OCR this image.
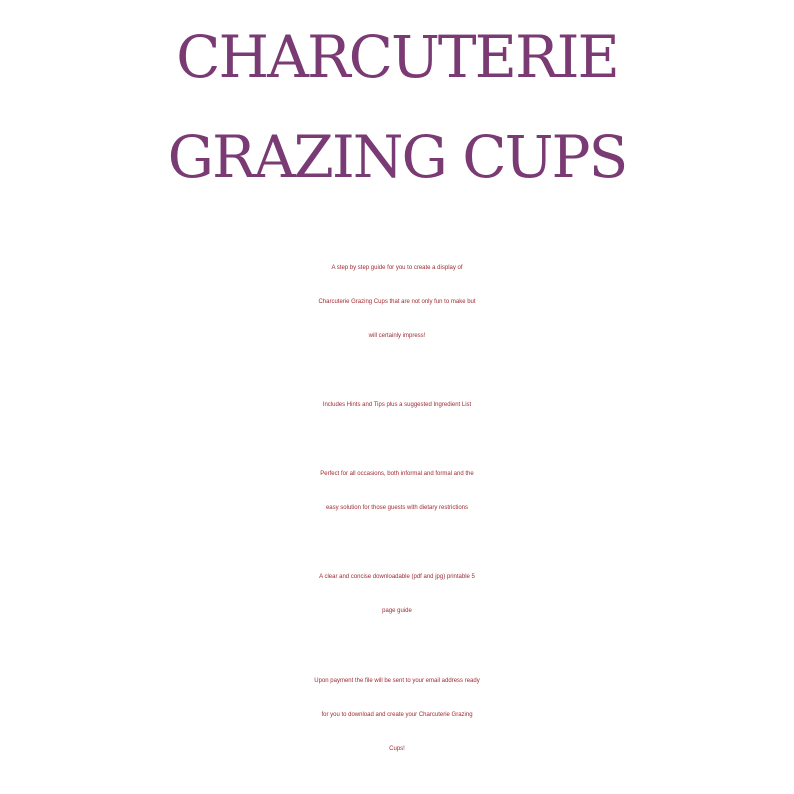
CHARCUTERIE
GRAZING CUPS

A step by step guide for you to create a display of
Charcuterie Grazing Cups that are not only fun to make but
will certainly impress!

Includes Hints and Tips plus a suggested Ingredient List

Perfect for all occasions, both informal and formal and the
easy solution for those guests with dietary restrictions

A clear and concise downloadable (pdf and jpg) printable 5
page guide

Upon payment the file will be sent to your email address ready
for you to download and create your Charcuterie Grazing
Cups!
